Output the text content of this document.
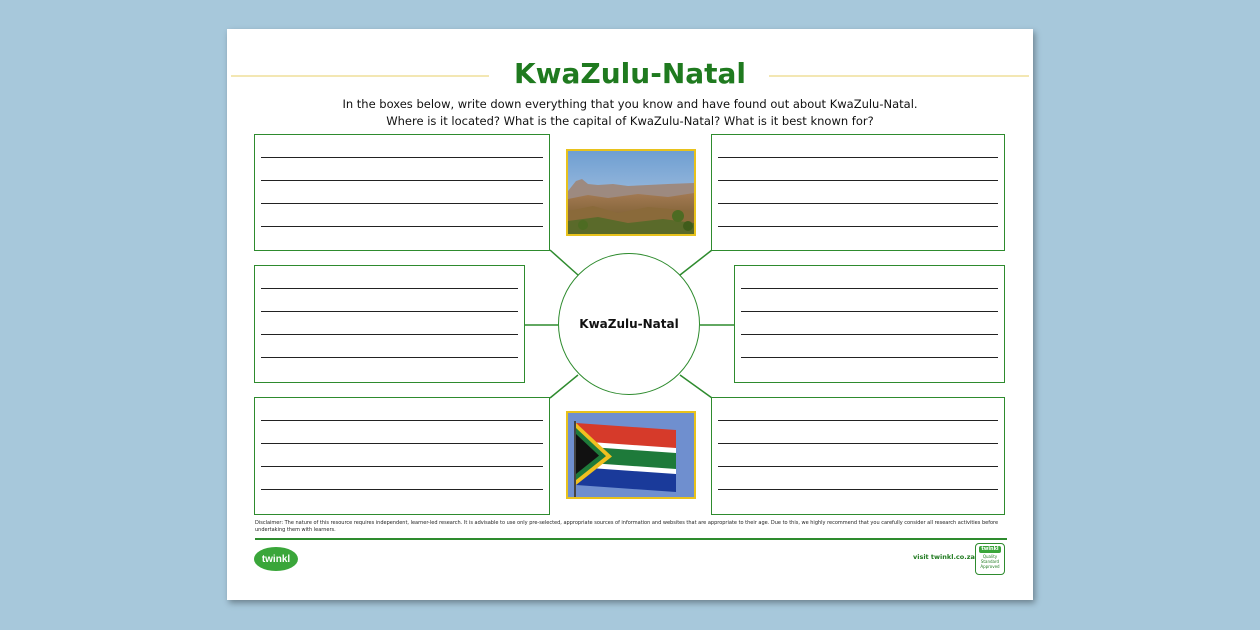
KwaZulu-Natal
In the boxes below, write down everything that you know and have found out about KwaZulu-Natal.
Where is it located? What is the capital of KwaZulu-Natal? What is it best known for?
KwaZulu-Natal
Disclaimer: The nature of this resource requires independent, learner-led research. It is advisable to use only pre-selected, appropriate sources of information and websites that are appropriate to their age. Due to this, we highly recommend that you carefully consider all research activities before undertaking them with learners.
twinkl	visit twinkl.co.za
twinkl
Quality Standard Approved
